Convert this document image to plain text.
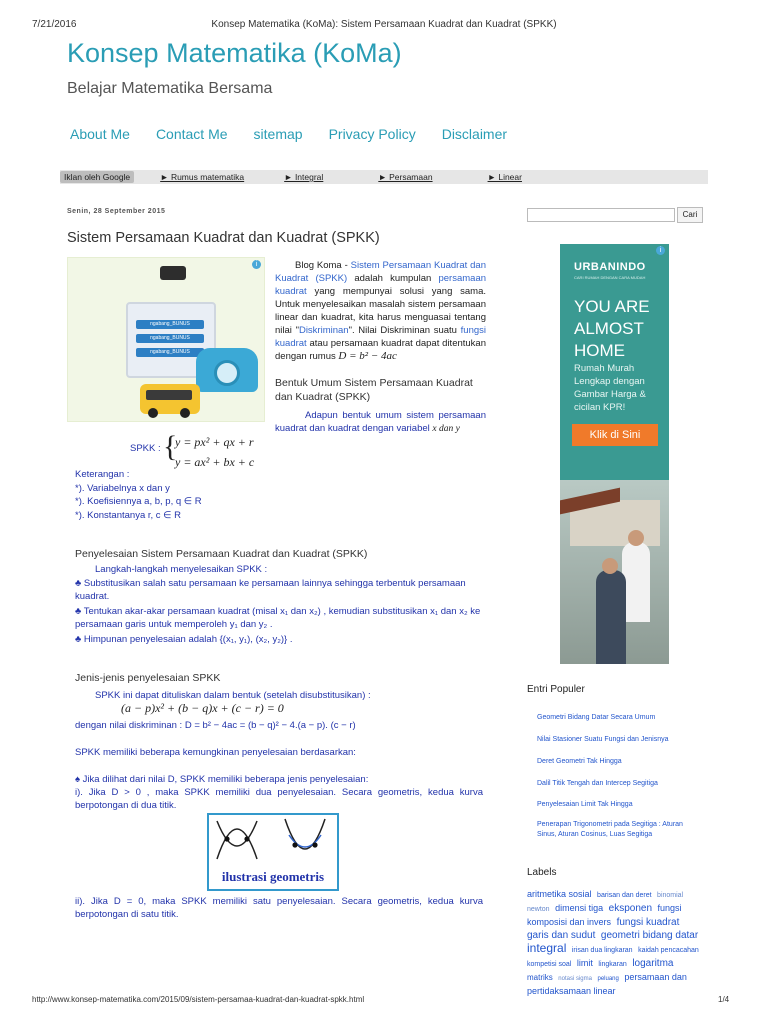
7/21/2016	Konsep Matematika (KoMa): Sistem Persamaan Kuadrat dan Kuadrat (SPKK)
Konsep Matematika (KoMa)
Belajar Matematika Bersama
About Me Contact Me sitemap Privacy Policy Disclaimer
Iklan oleh Google	► Rumus matematika	► Integral	► Persamaan	► Linear
Senin, 28 September 2015
Sistem Persamaan Kuadrat dan Kuadrat (SPKK)
i
ngabang_BUNUS
ngabang_BUNUS
ngabang_BUNUS
Blog Koma - Sistem Persamaan Kuadrat dan Kuadrat (SPKK) adalah kumpulan persamaan kuadrat yang mempunyai solusi yang sama. Untuk menyelesaikan masalah sistem persamaan linear dan kuadrat, kita harus menguasai tentang nilai "Diskriminan". Nilai Diskriminan suatu fungsi kuadrat atau persamaan kuadrat dapat ditentukan dengan rumus D = b² − 4ac
Bentuk Umum Sistem Persamaan Kuadrat dan Kuadrat (SPKK)
Adapun bentuk umum sistem persamaan kuadrat dan kuadrat dengan variabel x dan y
SPKK : {
y = px² + qx + r
y = ax² + bx + c
Keterangan :
*). Variabelnya x dan y
*). Koefisiennya a, b, p, q ∈ R
*). Konstantanya r, c ∈ R
Penyelesaian Sistem Persamaan Kuadrat dan Kuadrat (SPKK)
Langkah-langkah menyelesaikan SPKK :
♣ Substitusikan salah satu persamaan ke persamaan lainnya sehingga terbentuk persamaan kuadrat.
♣ Tentukan akar-akar persamaan kuadrat (misal x₁ dan x₂) , kemudian substitusikan x₁ dan x₂ ke persamaan garis untuk memperoleh y₁ dan y₂ .
♣ Himpunan penyelesaian adalah {(x₁, y₁), (x₂, y₂)} .
Jenis-jenis penyelesaian SPKK
SPKK ini dapat dituliskan dalam bentuk (setelah disubstitusikan) :
(a − p)x² + (b − q)x + (c − r) = 0
dengan nilai diskriminan : D = b² − 4ac = (b − q)² − 4.(a − p). (c − r)
SPKK memiliki beberapa kemungkinan penyelesaian berdasarkan:
♠ Jika dilihat dari nilai D, SPKK memiliki beberapa jenis penyelesaian:
i). Jika D > 0 , maka SPKK memiliki dua penyelesaian. Secara geometris, kedua kurva berpotongan di dua titik.
ilustrasi geometris
ii). Jika D = 0, maka SPKK memiliki satu penyelesaian. Secara geometris, kedua kurva berpotongan di satu titik.
Cari
i
URBANINDO
CARI RUMAH DENGAN CARA MUDAH
YOU ARE ALMOST HOME
Rumah Murah Lengkap dengan Gambar Harga & cicilan KPR!
Klik di Sini
Entri Populer
Geometri Bidang Datar Secara Umum
Nilai Stasioner Suatu Fungsi dan Jenisnya
Deret Geometri Tak Hingga
Dalil Titik Tengah dan Intercep Segitiga
Penyelesaian Limit Tak Hingga
Penerapan Trigonometri pada Segitiga : Aturan Sinus, Aturan Cosinus, Luas Segitiga
Labels
aritmetika sosial barisan dan deret binomial newton dimensi tiga eksponen fungsi komposisi dan invers fungsi kuadrat garis dan sudut geometri bidang datar integral irisan dua lingkaran kaidah pencacahan kompetisi soal limit lingkaran logaritma matriks notasi sigma peluang persamaan dan pertidaksamaan linear
http://www.konsep-matematika.com/2015/09/sistem-persamaa-kuadrat-dan-kuadrat-spkk.html	1/4
